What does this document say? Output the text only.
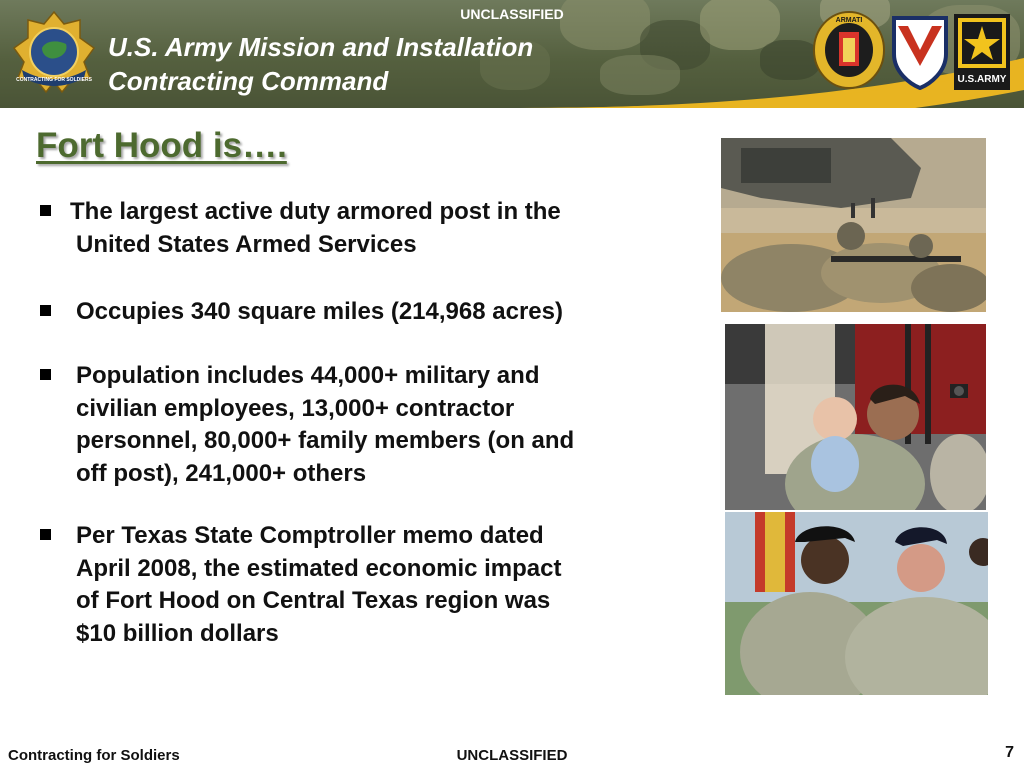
UNCLASSIFIED
CONTRACTING FOR SOLDIERS
U.S. Army Mission and Installation
Contracting Command
ARMATI
U.S.ARMY
Fort Hood is….
The largest active duty armored post in the
United States Armed Services
Occupies 340 square miles (214,968 acres)
Population includes 44,000+ military and
civilian employees, 13,000+ contractor
personnel, 80,000+ family members (on and
off post), 241,000+ others
Per Texas State Comptroller memo dated
April 2008, the estimated economic impact
of Fort Hood on Central Texas region was
$10 billion dollars
Contracting for Soldiers	UNCLASSIFIED	7
